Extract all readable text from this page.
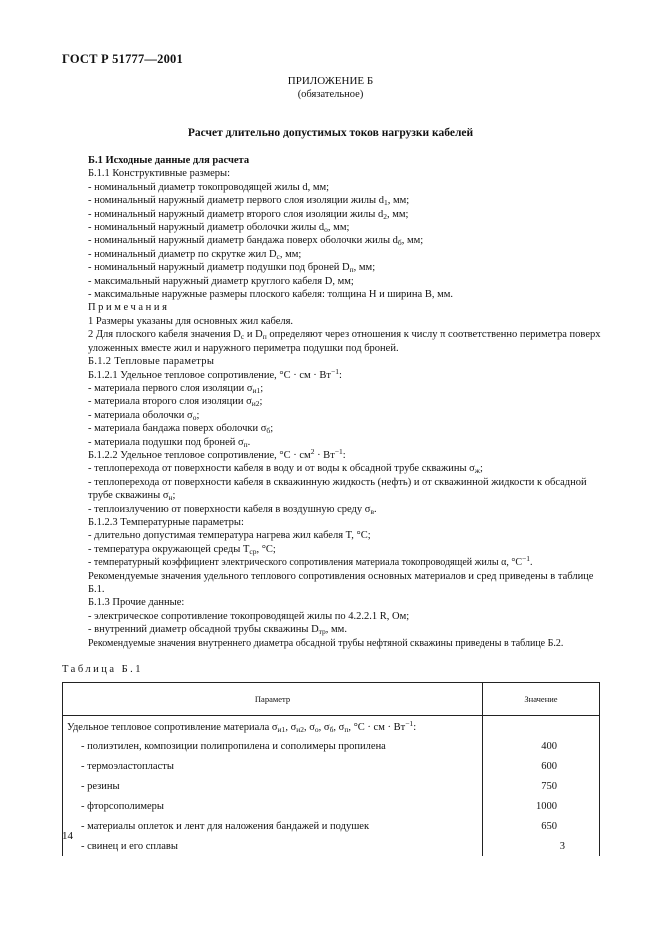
ГОСТ Р 51777—2001
ПРИЛОЖЕНИЕ Б
(обязательное)
Расчет длительно допустимых токов нагрузки кабелей

Б.1 Исходные данные для расчета

Б.1.1 Конструктивные размеры:

- номинальный диаметр токопроводящей жилы d, мм;

- номинальный наружный диаметр первого слоя изоляции жилы $d_1$, мм;

- номинальный наружный диаметр второго слоя изоляции жилы $d_2$, мм;

- номинальный наружный диаметр оболочки жилы $d_o$, мм;

- номинальный наружный диаметр бандажа поверх оболочки жилы $d_б$, мм;

- номинальный диаметр по скрутке жил $D_c$, мм;

- номинальный наружный диаметр подушки под броней $D_п$, мм;

- максимальный наружный диаметр круглого кабеля D, мм;

- максимальные наружные размеры плоского кабеля: толщина H и ширина B, мм.

Примечания

1 Размеры указаны для основных жил кабеля.

2 Для плоского кабеля значения $D_c$ и $D_п$ определяют через отношения к числу π соответственно периметра поверх уложенных вместе жил и наружного периметра подушки под броней.

Б.1.2 Тепловые параметры

Б.1.2.1 Удельное тепловое сопротивление, °С · см · $Вт^{-1}$:

- материала первого слоя изоляции $\sigma_{и1}$;

- материала второго слоя изоляции $\sigma_{и2}$;

- материала оболочки $\sigma_о$;

- материала бандажа поверх оболочки $\sigma_б$;

- материала подушки под броней $\sigma_п$.

Б.1.2.2 Удельное тепловое сопротивление, $^\circ С \cdot см^2 \cdot Вт^{-1}$:

- теплоперехода от поверхности кабеля в воду и от воды к обсадной трубе скважины $\sigma_ж$;

- теплоперехода от поверхности кабеля в скважинную жидкость (нефть) и от скважинной жидкости к обсадной трубе скважины $\sigma_н$;

- теплоизлучению от поверхности кабеля в воздушную среду $\sigma_в$.

Б.1.2.3 Температурные параметры:

- длительно допустимая температура нагрева жил кабеля T, °С;

- температура окружающей среды $T_{ср}$, °С;

- температурный коэффициент электрического сопротивления материала токопроводящей жилы α, $^\circ С^{-1}$.

Рекомендуемые значения удельного теплового сопротивления основных материалов и сред приведены в таблице Б.1.

Б.1.3 Прочие данные:

- электрическое сопротивление токопроводящей жилы по 4.2.2.1 R, Ом;

- внутренний диаметр обсадной трубы скважины $D_{тр}$, мм.

Рекомендуемые значения внутреннего диаметра обсадной трубы нефтяной скважины приведены в таблице Б.2.

Таблица Б.1
Параметр	Значение
Удельное тепловое сопротивление материала $\sigma_{и1}$, $\sigma_{и2}$, $\sigma_о$, $\sigma_б$, $\sigma_п$, °С · см · $Вт^{-1}$:	
- полиэтилен, композиции полипропилена и сополимеры пропилена	400
- термоэластопласты	600
- резины	750
- фторсополимеры	1000
- материалы оплеток и лент для наложения бандажей и подушек	650
- свинец и его сплавы	3
14
